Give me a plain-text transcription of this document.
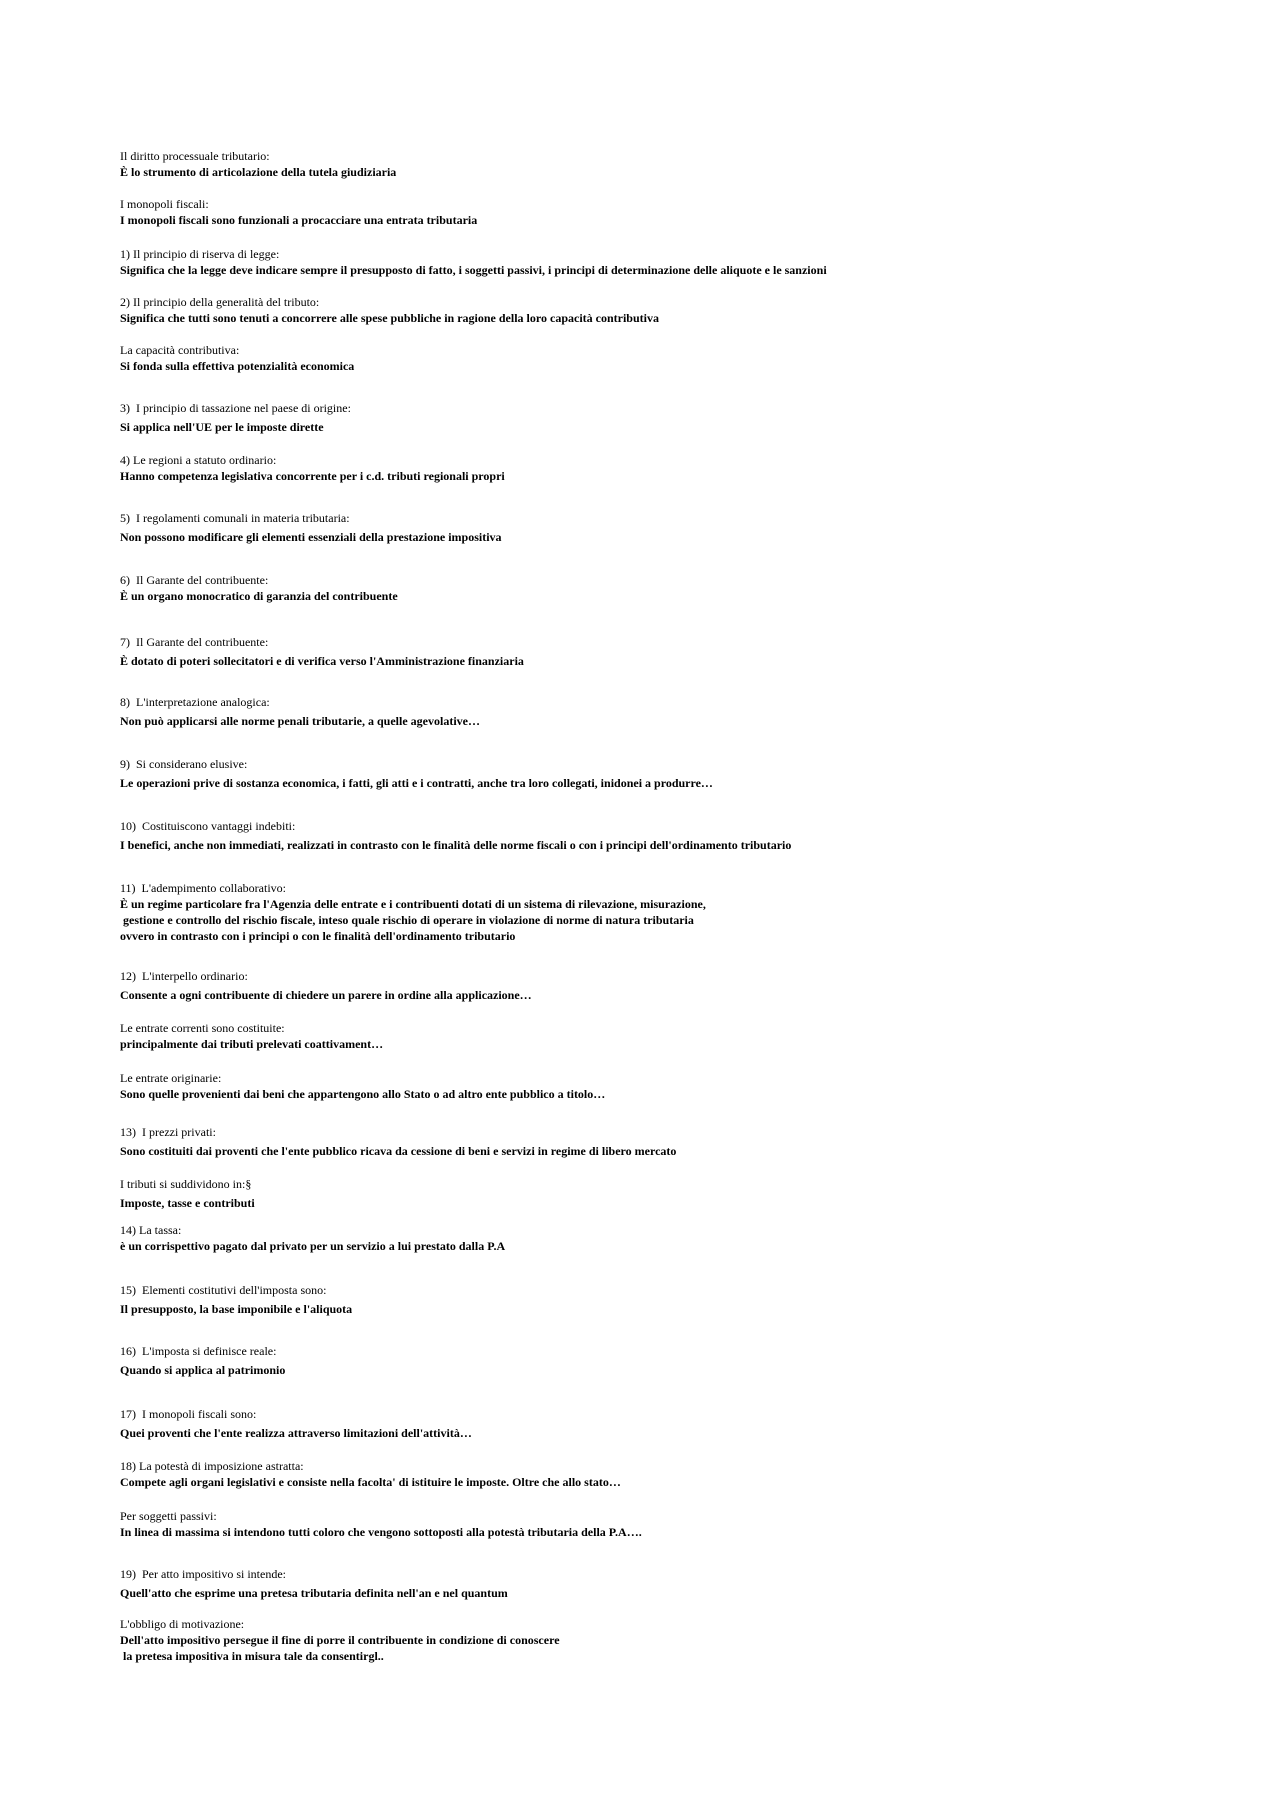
Il diritto processuale tributario:
È lo strumento di articolazione della tutela giudiziaria
I monopoli fiscali:
I monopoli fiscali sono funzionali a procacciare una entrata tributaria
1) Il principio di riserva di legge:
Significa che la legge deve indicare sempre il presupposto di fatto, i soggetti passivi, i principi di determinazione delle aliquote e le sanzioni
2) Il principio della generalità del tributo:
Significa che tutti sono tenuti a concorrere alle spese pubbliche in ragione della loro capacità contributiva
La capacità contributiva:
Si fonda sulla effettiva potenzialità economica
3)  I principio di tassazione nel paese di origine:
Si applica nell'UE per le imposte dirette
4) Le regioni a statuto ordinario:
Hanno competenza legislativa concorrente per i c.d. tributi regionali propri
5)  I regolamenti comunali in materia tributaria:
Non possono modificare gli elementi essenziali della prestazione impositiva
6)  Il Garante del contribuente:
È un organo monocratico di garanzia del contribuente
7)  Il Garante del contribuente:
È dotato di poteri sollecitatori e di verifica verso l'Amministrazione finanziaria
8)  L'interpretazione analogica:
Non può applicarsi alle norme penali tributarie, a quelle agevolative…
9)  Si considerano elusive:
Le operazioni prive di sostanza economica, i fatti, gli atti e i contratti, anche tra loro collegati, inidonei a produrre…
10)  Costituiscono vantaggi indebiti:
I benefici, anche non immediati, realizzati in contrasto con le finalità delle norme fiscali o con i principi dell'ordinamento tributario
11)  L'adempimento collaborativo:
È un regime particolare fra l'Agenzia delle entrate e i contribuenti dotati di un sistema di rilevazione, misurazione,
gestione e controllo del rischio fiscale, inteso quale rischio di operare in violazione di norme di natura tributaria
ovvero in contrasto con i principi o con le finalità dell'ordinamento tributario
12)  L'interpello ordinario:
Consente a ogni contribuente di chiedere un parere in ordine alla applicazione…
Le entrate correnti sono costituite:
principalmente dai tributi prelevati coattivament…
Le entrate originarie:
Sono quelle provenienti dai beni che appartengono allo Stato o ad altro ente pubblico a titolo…
13)  I prezzi privati:
Sono costituiti dai proventi che l'ente pubblico ricava da cessione di beni e servizi in regime di libero mercato
I tributi si suddividono in:§
Imposte, tasse e contributi
14) La tassa:
è un corrispettivo pagato dal privato per un servizio a lui prestato dalla P.A
15)  Elementi costitutivi dell'imposta sono:
Il presupposto, la base imponibile e l'aliquota
16)  L'imposta si definisce reale:
Quando si applica al patrimonio
17)  I monopoli fiscali sono:
Quei proventi che l'ente realizza attraverso limitazioni dell'attività…
18) La potestà di imposizione astratta:
Compete agli organi legislativi e consiste nella facolta' di istituire le imposte. Oltre che allo stato…
Per soggetti passivi:
In linea di massima si intendono tutti coloro che vengono sottoposti alla potestà tributaria della P.A….
19)  Per atto impositivo si intende:
Quell'atto che esprime una pretesa tributaria definita nell'an e nel quantum
L'obbligo di motivazione:
Dell'atto impositivo persegue il fine di porre il contribuente in condizione di conoscere
la pretesa impositiva in misura tale da consentirgl..
